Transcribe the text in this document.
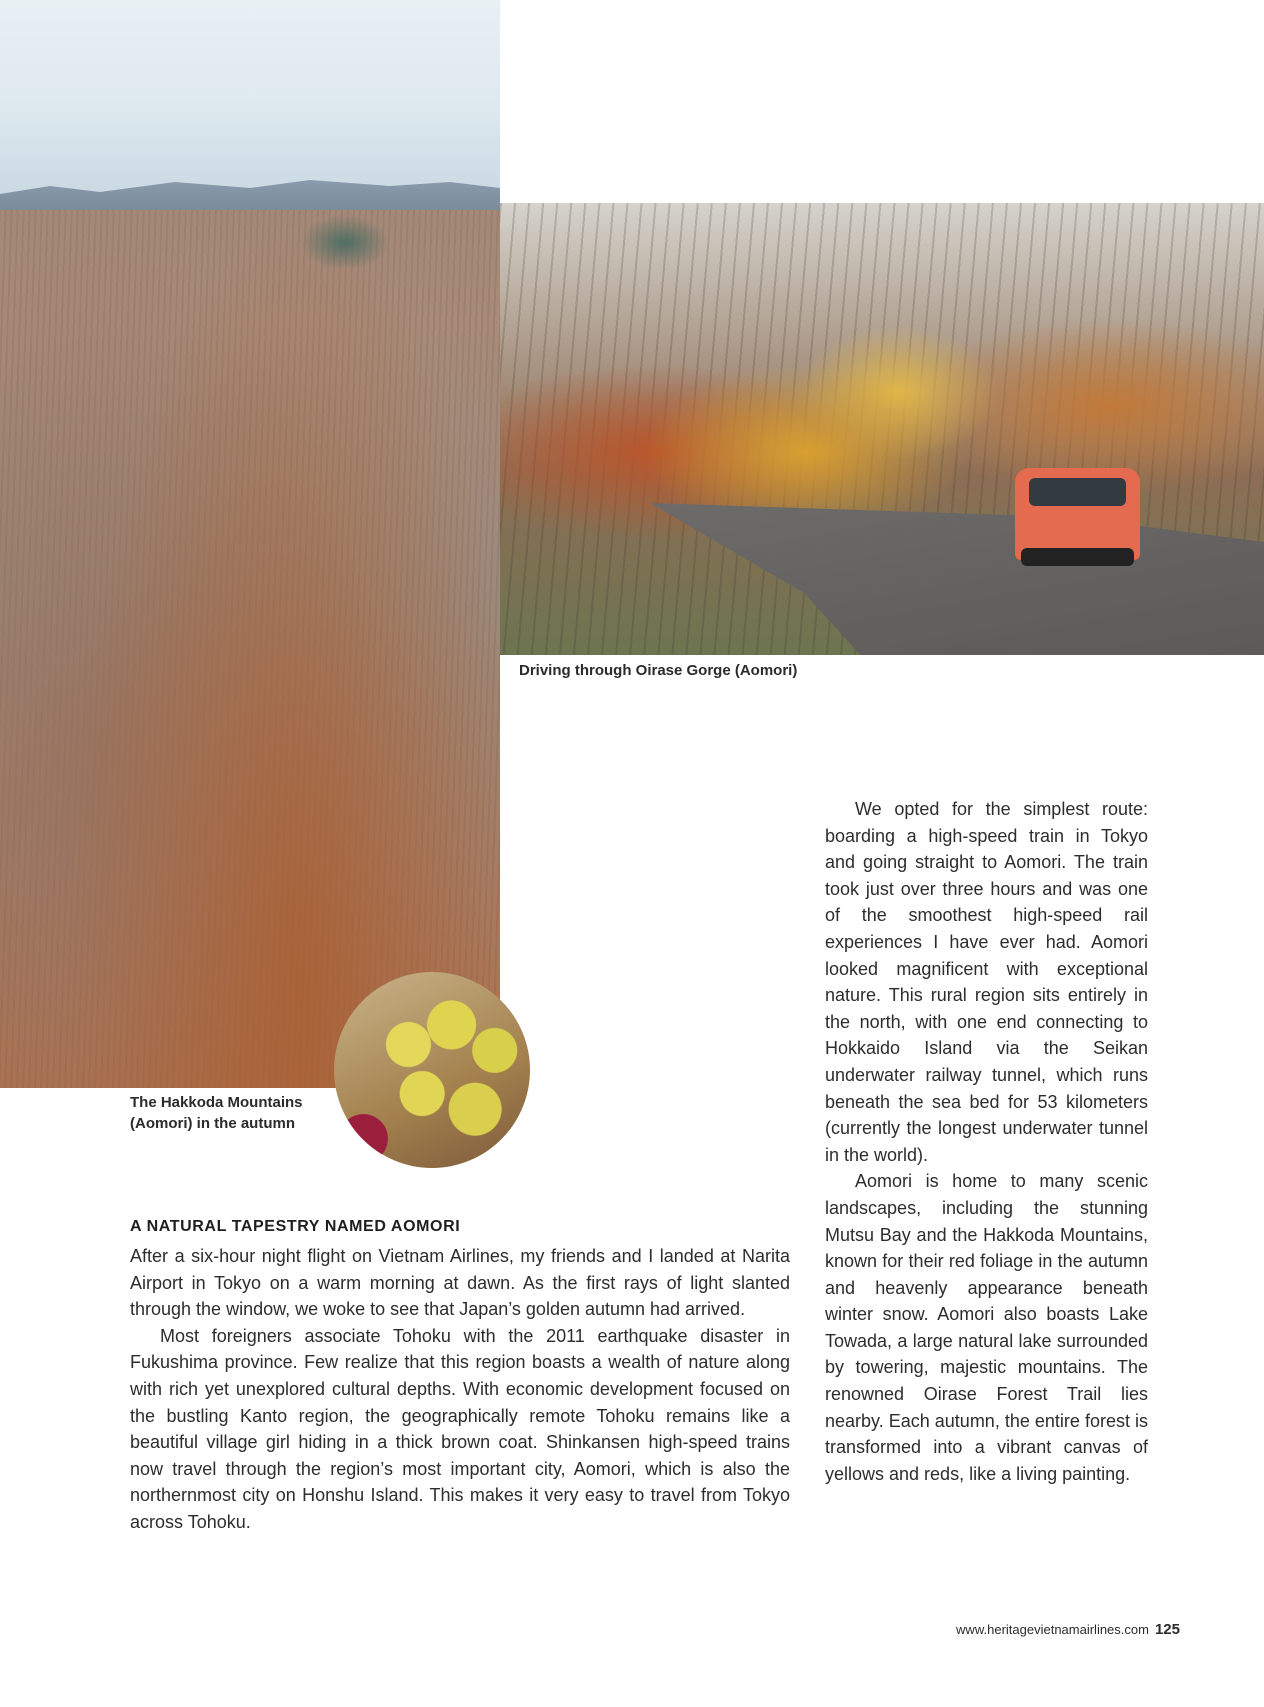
Driving through Oirase Gorge (Aomori)
The Hakkoda Mountains
(Aomori) in the autumn
A NATURAL TAPESTRY NAMED AOMORI

After a six-hour night flight on Vietnam Airlines, my friends and I landed at Narita Airport in Tokyo on a warm morning at dawn. As the first rays of light slanted through the window, we woke to see that Japan’s golden autumn had arrived.

Most foreigners associate Tohoku with the 2011 earthquake disaster in Fukushima province. Few realize that this region boasts a wealth of nature along with rich yet unexplored cultural depths. With economic development focused on the bustling Kanto region, the geographically remote Tohoku remains like a beautiful village girl hiding in a thick brown coat. Shinkansen high-speed trains now travel through the region’s most important city, Aomori, which is also the northernmost city on Honshu Island. This makes it very easy to travel from Tokyo across Tohoku.

We opted for the simplest route: boarding a high-speed train in Tokyo and going straight to Aomori. The train took just over three hours and was one of the smoothest high-speed rail experiences I have ever had. Aomori looked magnificent with exceptional nature. This rural region sits entirely in the north, with one end connecting to Hokkaido Island via the Seikan underwater railway tunnel, which runs beneath the sea bed for 53 kilometers (currently the longest underwater tunnel in the world).

Aomori is home to many scenic landscapes, including the stunning Mutsu Bay and the Hakkoda Mountains, known for their red foliage in the autumn and heavenly appearance beneath winter snow. Aomori also boasts Lake Towada, a large natural lake surrounded by towering, majestic mountains. The renowned Oirase Forest Trail lies nearby. Each autumn, the entire forest is transformed into a vibrant canvas of yellows and reds, like a living painting.

www.heritagevietnamairlines.com 125
